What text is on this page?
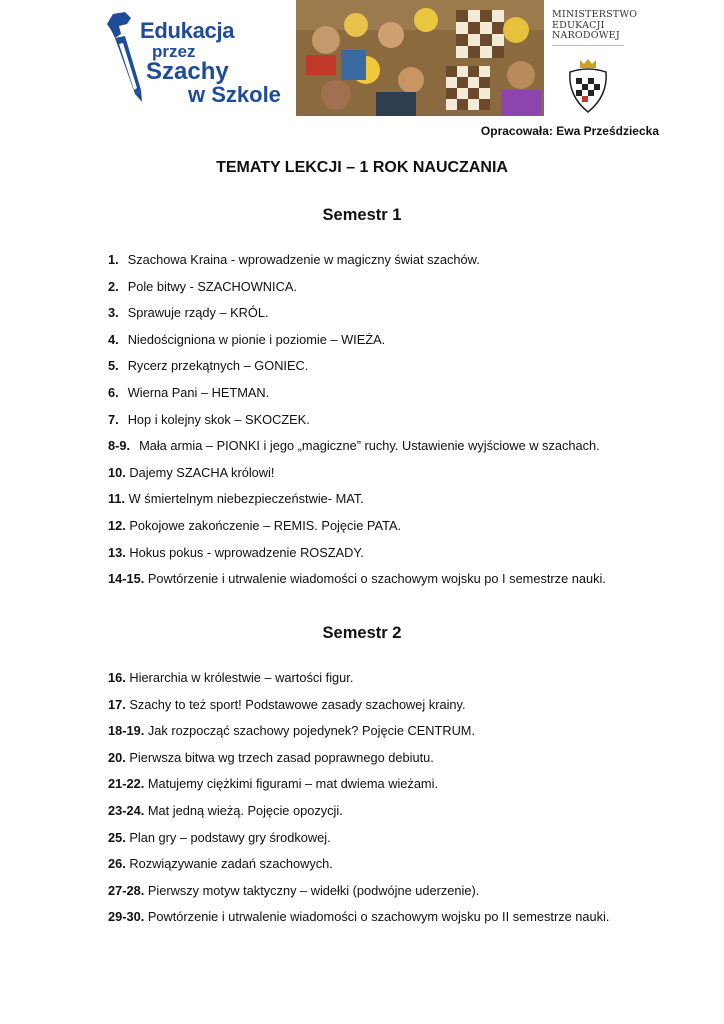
Edukacja
przez
Szachy
w Szkole
MINISTERSTWO
EDUKACJI
NARODOWEJ
Opracowała: Ewa Prześdziecka
TEMATY LEKCJI – 1 ROK NAUCZANIA
Semestr 1
1. Szachowa Kraina - wprowadzenie w magiczny świat szachów.
2. Pole bitwy - SZACHOWNICA.
3. Sprawuje rządy – KRÓL.
4. Niedościgniona w pionie i poziomie – WIEŻA.
5. Rycerz przekątnych – GONIEC.
6. Wierna Pani – HETMAN.
7. Hop i kolejny skok – SKOCZEK.
8-9. Mała armia – PIONKI i jego „magiczne” ruchy. Ustawienie wyjściowe w szachach.
10. Dajemy SZACHA królowi!
11. W śmiertelnym niebezpieczeństwie- MAT.
12. Pokojowe zakończenie – REMIS. Pojęcie PATA.
13. Hokus pokus - wprowadzenie ROSZADY.
14-15. Powtórzenie i utrwalenie wiadomości o szachowym wojsku po I semestrze nauki.
Semestr 2
16. Hierarchia w królestwie – wartości figur.
17. Szachy to też sport! Podstawowe zasady szachowej krainy.
18-19. Jak rozpocząć szachowy pojedynek? Pojęcie CENTRUM.
20. Pierwsza bitwa wg trzech zasad poprawnego debiutu.
21-22. Matujemy ciężkimi figurami – mat dwiema wieżami.
23-24. Mat jedną wieżą. Pojęcie opozycji.
25. Plan gry – podstawy gry środkowej.
26. Rozwiązywanie zadań szachowych.
27-28. Pierwszy motyw taktyczny – widełki (podwójne uderzenie).
29-30. Powtórzenie i utrwalenie wiadomości o szachowym wojsku po II semestrze nauki.
